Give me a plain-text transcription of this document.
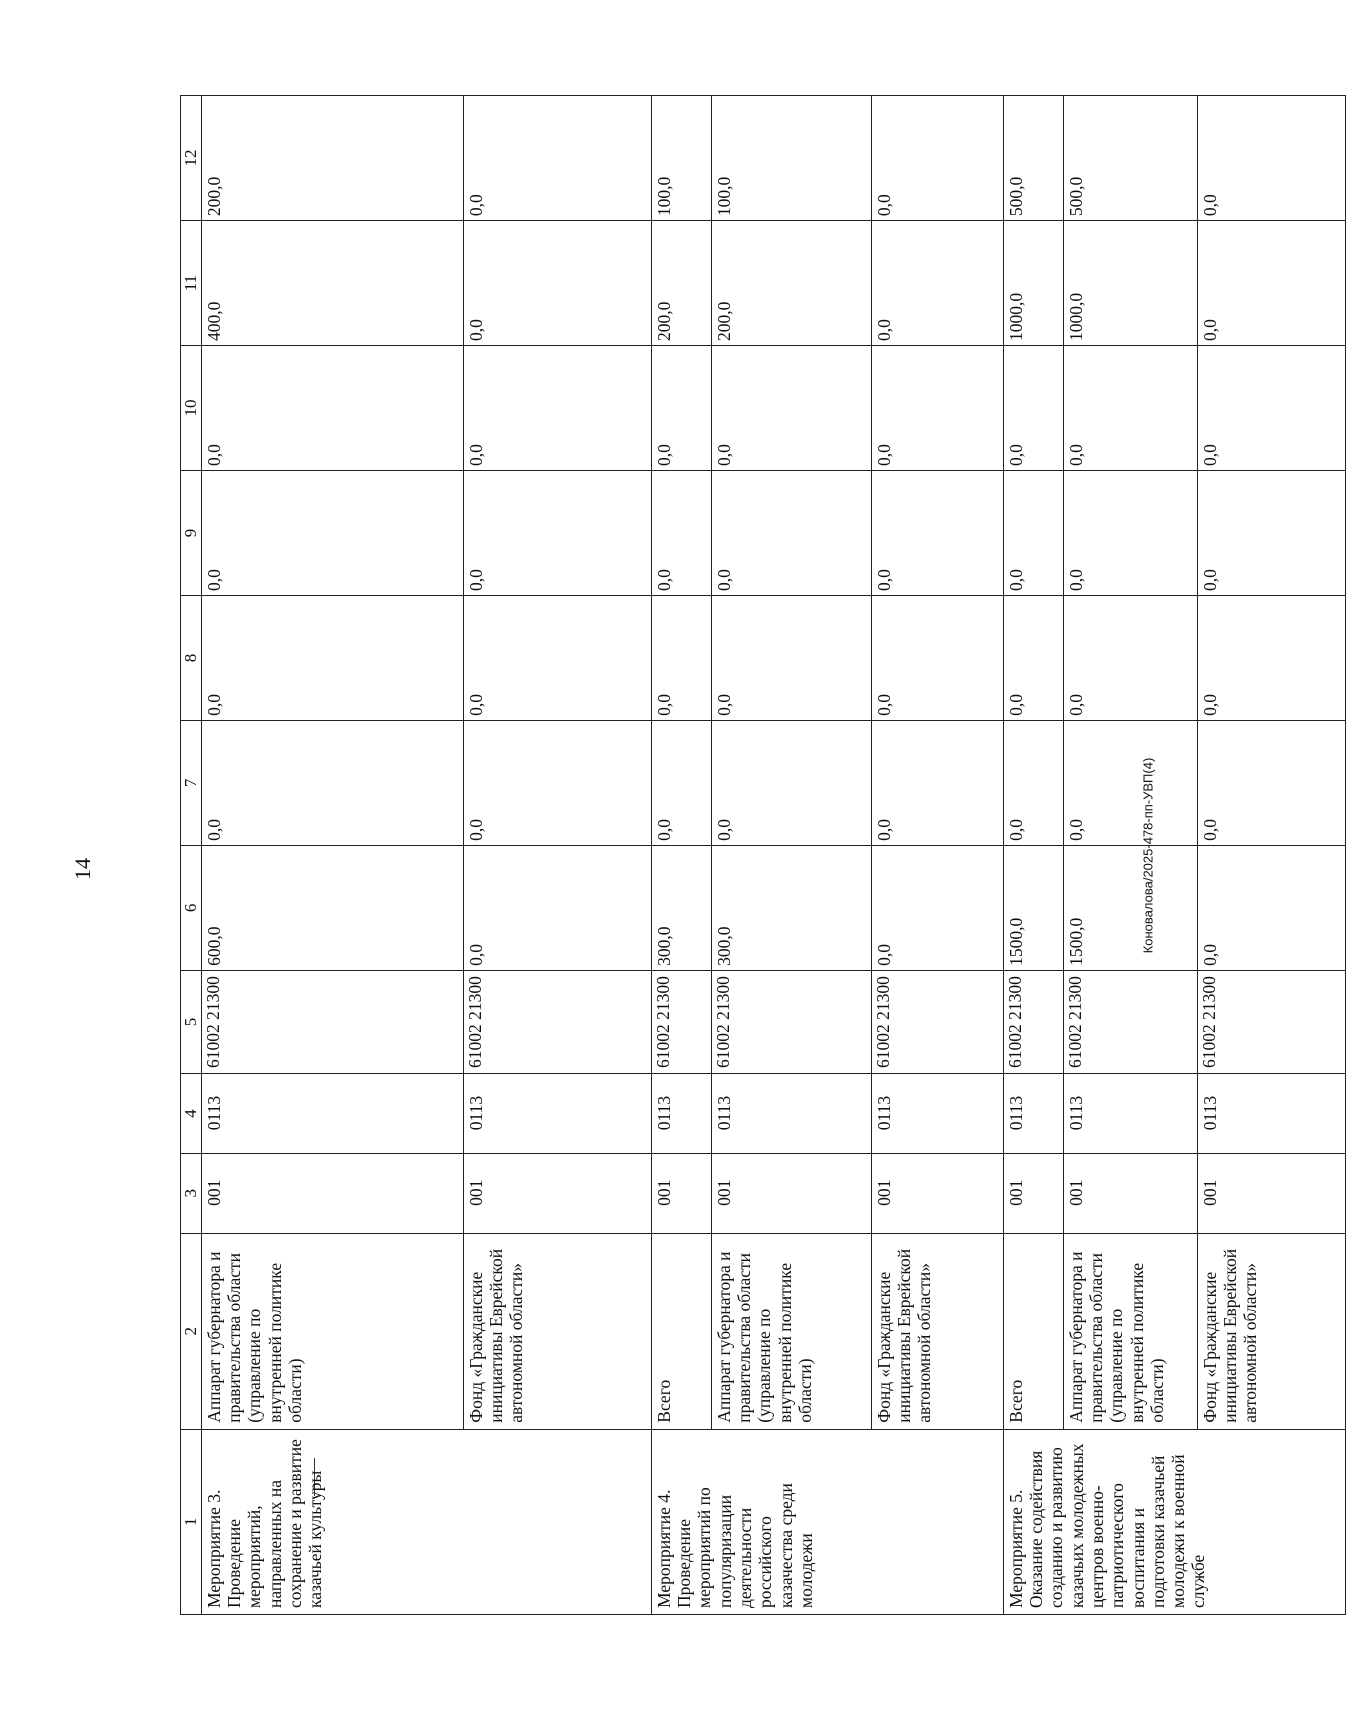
14
1	2	3	4	5	6	7	8	9	10	11	12
Мероприятие 3. Проведение мероприятий, направленных на сохранение и развитие казачьей культуры	Аппарат губернатора и правительства области (управление по внутренней политике области)	001	0113	61002 21300	600,0	0,0	0,0	0,0	0,0	400,0	200,0
	Фонд «Гражданские инициативы Еврейской автономной области»	001	0113	61002 21300	0,0	0,0	0,0	0,0	0,0	0,0	0,0
Мероприятие 4. Проведение мероприятий по популяризации деятельности российского казачества среди молодежи	Всего	001	0113	61002 21300	300,0	0,0	0,0	0,0	0,0	200,0	100,0
	Аппарат губернатора и правительства области (управление по внутренней политике области)	001	0113	61002 21300	300,0	0,0	0,0	0,0	0,0	200,0	100,0
	Фонд «Гражданские инициативы Еврейской автономной области»	001	0113	61002 21300	0,0	0,0	0,0	0,0	0,0	0,0	0,0
Мероприятие 5. Оказание содействия созданию и развитию казачьих молодежных центров военно-патриотического воспитания и подготовки казачьей молодежи к военной службе	Всего	001	0113	61002 21300	1500,0	0,0	0,0	0,0	0,0	1000,0	500,0
	Аппарат губернатора и правительства области (управление по внутренней политике области)	001	0113	61002 21300	1500,0	0,0	0,0	0,0	0,0	1000,0	500,0
	Фонд «Гражданские инициативы Еврейской автономной области»	001	0113	61002 21300	0,0	0,0	0,0	0,0	0,0	0,0	0,0
Коновалова/2025-478-пп-УВП(4)
